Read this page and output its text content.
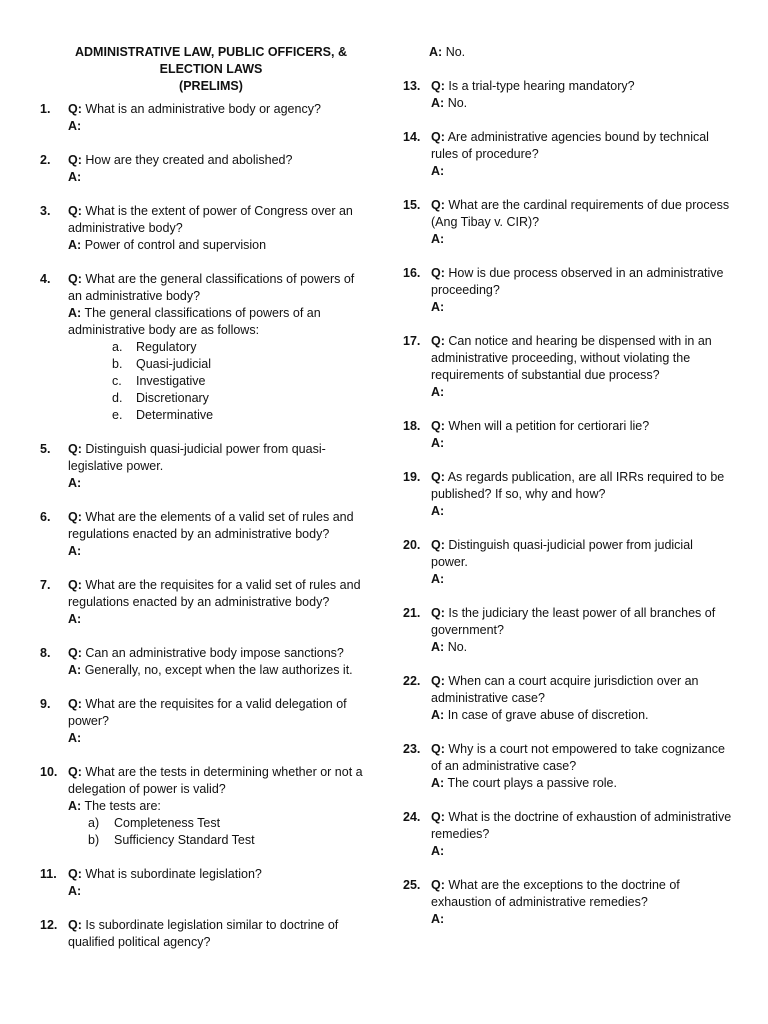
ADMINISTRATIVE LAW, PUBLIC OFFICERS, &
ELECTION LAWS
(PRELIMS)
1. Q: What is an administrative body or agency?
A:
2. Q: How are they created and abolished?
A:
3. Q: What is the extent of power of Congress over an administrative body?
A: Power of control and supervision
4. Q: What are the general classifications of powers of an administrative body?
A: The general classifications of powers of an administrative body are as follows:
a. Regulatory
b. Quasi-judicial
c. Investigative
d. Discretionary
e. Determinative
5. Q: Distinguish quasi-judicial power from quasi-legislative power.
A:
6. Q: What are the elements of a valid set of rules and regulations enacted by an administrative body?
A:
7. Q: What are the requisites for a valid set of rules and regulations enacted by an administrative body?
A:
8. Q: Can an administrative body impose sanctions?
A: Generally, no, except when the law authorizes it.
9. Q: What are the requisites for a valid delegation of power?
A:
10. Q: What are the tests in determining whether or not a delegation of power is valid?
A: The tests are:
a) Completeness Test
b) Sufficiency Standard Test
11. Q: What is subordinate legislation?
A:
12. Q: Is subordinate legislation similar to doctrine of qualified political agency?
A: No.
13. Q: Is a trial-type hearing mandatory?
A: No.
14. Q: Are administrative agencies bound by technical rules of procedure?
A:
15. Q: What are the cardinal requirements of due process (Ang Tibay v. CIR)?
A:
16. Q: How is due process observed in an administrative proceeding?
A:
17. Q: Can notice and hearing be dispensed with in an administrative proceeding, without violating the requirements of substantial due process?
A:
18. Q: When will a petition for certiorari lie?
A:
19. Q: As regards publication, are all IRRs required to be published? If so, why and how?
A:
20. Q: Distinguish quasi-judicial power from judicial power.
A:
21. Q: Is the judiciary the least power of all branches of government?
A: No.
22. Q: When can a court acquire jurisdiction over an administrative case?
A: In case of grave abuse of discretion.
23. Q: Why is a court not empowered to take cognizance of an administrative case?
A: The court plays a passive role.
24. Q: What is the doctrine of exhaustion of administrative remedies?
A:
25. Q: What are the exceptions to the doctrine of exhaustion of administrative remedies?
A:
